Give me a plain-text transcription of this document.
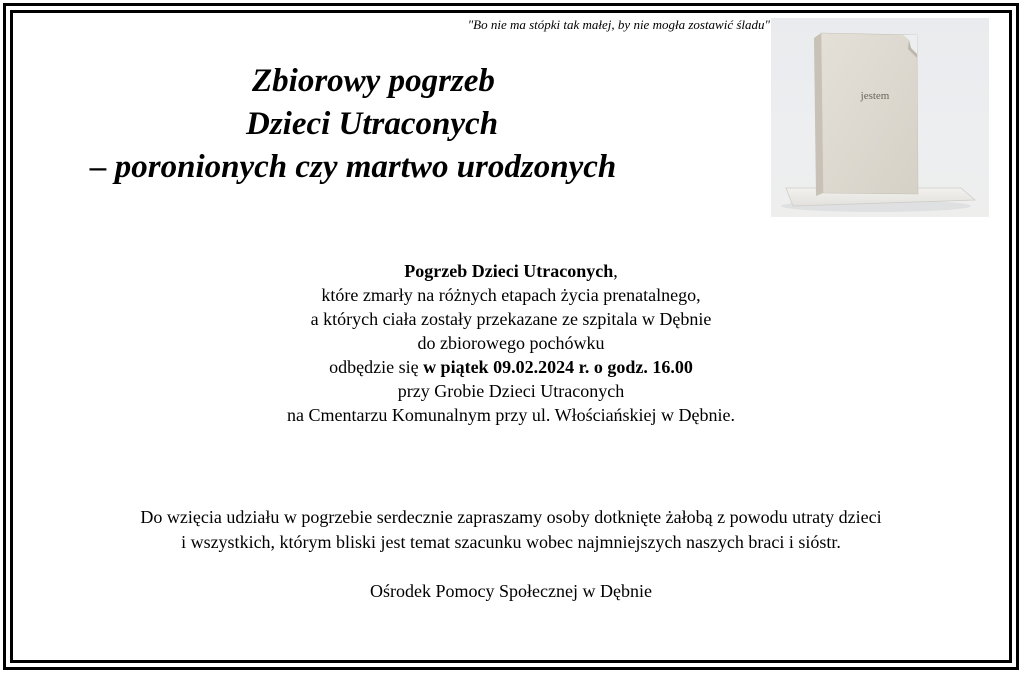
"Bo nie ma stópki tak małej, by nie mogła zostawić śladu"
Zbiorowy pogrzeb
Dzieci Utraconych
– poronionych czy martwo urodzonych
jestem
Pogrzeb Dzieci Utraconych,
które zmarły na różnych etapach życia prenatalnego,
a których ciała zostały przekazane ze szpitala w Dębnie
do zbiorowego pochówku
odbędzie się w piątek 09.02.2024 r. o godz. 16.00
przy Grobie Dzieci Utraconych
na Cmentarzu Komunalnym przy ul. Włościańskiej w Dębnie.
Do wzięcia udziału w pogrzebie serdecznie zapraszamy osoby dotknięte żałobą z powodu utraty dzieci
i wszystkich, którym bliski jest temat szacunku wobec najmniejszych naszych braci i sióstr.
Ośrodek Pomocy Społecznej w Dębnie
